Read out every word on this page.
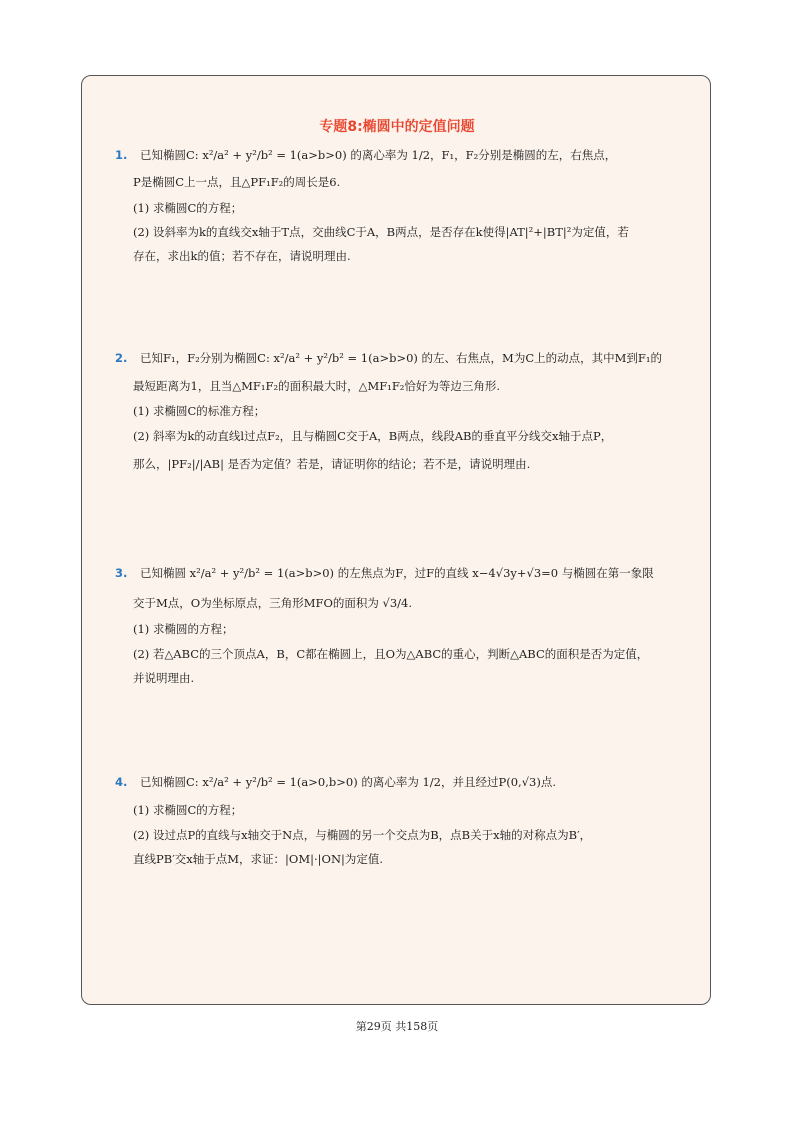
专题8:椭圆中的定值问题
1. 已知椭圆C: x²/a² + y²/b² = 1(a>b>0) 的离心率为 1/2，F₁，F₂分别是椭圆的左，右焦点，
P是椭圆C上一点，且△PF₁F₂的周长是6.
(1) 求椭圆C的方程；
(2) 设斜率为k的直线交x轴于T点，交曲线C于A，B两点，是否存在k使得|AT|²+|BT|²为定值，若
存在，求出k的值；若不存在，请说明理由.
2. 已知F₁，F₂分别为椭圆C: x²/a² + y²/b² = 1(a>b>0) 的左、右焦点，M为C上的动点，其中M到F₁的
最短距离为1，且当△MF₁F₂的面积最大时，△MF₁F₂恰好为等边三角形.
(1) 求椭圆C的标准方程；
(2) 斜率为k的动直线l过点F₂，且与椭圆C交于A，B两点，线段AB的垂直平分线交x轴于点P，
那么，|PF₂|/|AB| 是否为定值？若是，请证明你的结论；若不是，请说明理由.
3. 已知椭圆 x²/a² + y²/b² = 1(a>b>0) 的左焦点为F，过F的直线 x−4√3y+√3=0 与椭圆在第一象限
交于M点，O为坐标原点，三角形MFO的面积为 √3/4.
(1) 求椭圆的方程；
(2) 若△ABC的三个顶点A，B，C都在椭圆上，且O为△ABC的重心，判断△ABC的面积是否为定值，
并说明理由.
4. 已知椭圆C: x²/a² + y²/b² = 1(a>0,b>0) 的离心率为 1/2，并且经过P(0,√3)点.
(1) 求椭圆C的方程；
(2) 设过点P的直线与x轴交于N点，与椭圆的另一个交点为B，点B关于x轴的对称点为B′，
直线PB′交x轴于点M，求证：|OM|·|ON|为定值.
第29页 共158页
